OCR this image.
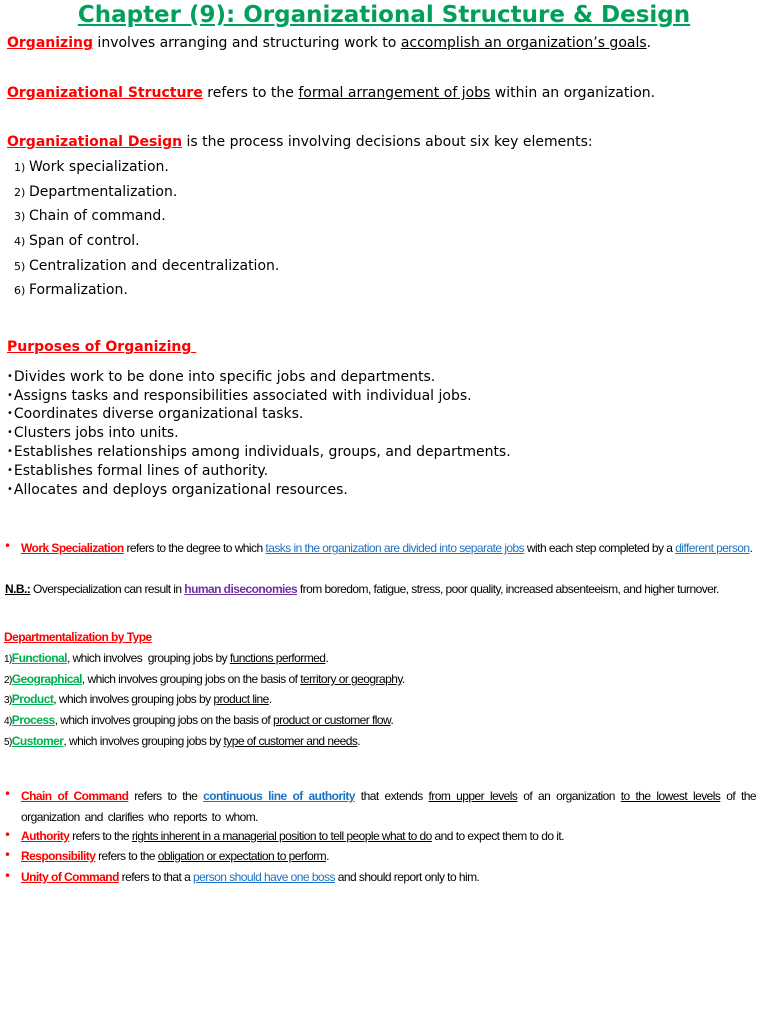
Chapter (9): Organizational Structure & Design
Organizing involves arranging and structuring work to accomplish an organization’s goals.
Organizational Structure refers to the formal arrangement of jobs within an organization.
Organizational Design is the process involving decisions about six key elements:
1) Work specialization.
2) Departmentalization.
3) Chain of command.
4) Span of control.
5) Centralization and decentralization.
6) Formalization.
Purposes of Organizing
•Divides work to be done into specific jobs and departments.
•Assigns tasks and responsibilities associated with individual jobs.
•Coordinates diverse organizational tasks.
•Clusters jobs into units.
•Establishes relationships among individuals, groups, and departments.
•Establishes formal lines of authority.
•Allocates and deploys organizational resources.
• Work Specialization refers to the degree to which tasks in the organization are divided into separate jobs with each step completed by a different person.
N.B.: Overspecialization can result in human diseconomies from boredom, fatigue, stress, poor quality, increased absenteeism, and higher turnover.
Departmentalization by Type
1)Functional, which involves  grouping jobs by functions performed.
2)Geographical, which involves grouping jobs on the basis of territory or geography.
3)Product, which involves grouping jobs by product line.
4)Process, which involves grouping jobs on the basis of product or customer flow.
5)Customer, which involves grouping jobs by type of customer and needs.
• Chain of Command refers to the continuous line of authority that extends from upper levels of an organization to the lowest levels of the organization and clarifies who reports to whom.
• Authority refers to the rights inherent in a managerial position to tell people what to do and to expect them to do it.
• Responsibility refers to the obligation or expectation to perform.
• Unity of Command refers to that a person should have one boss and should report only to him.
